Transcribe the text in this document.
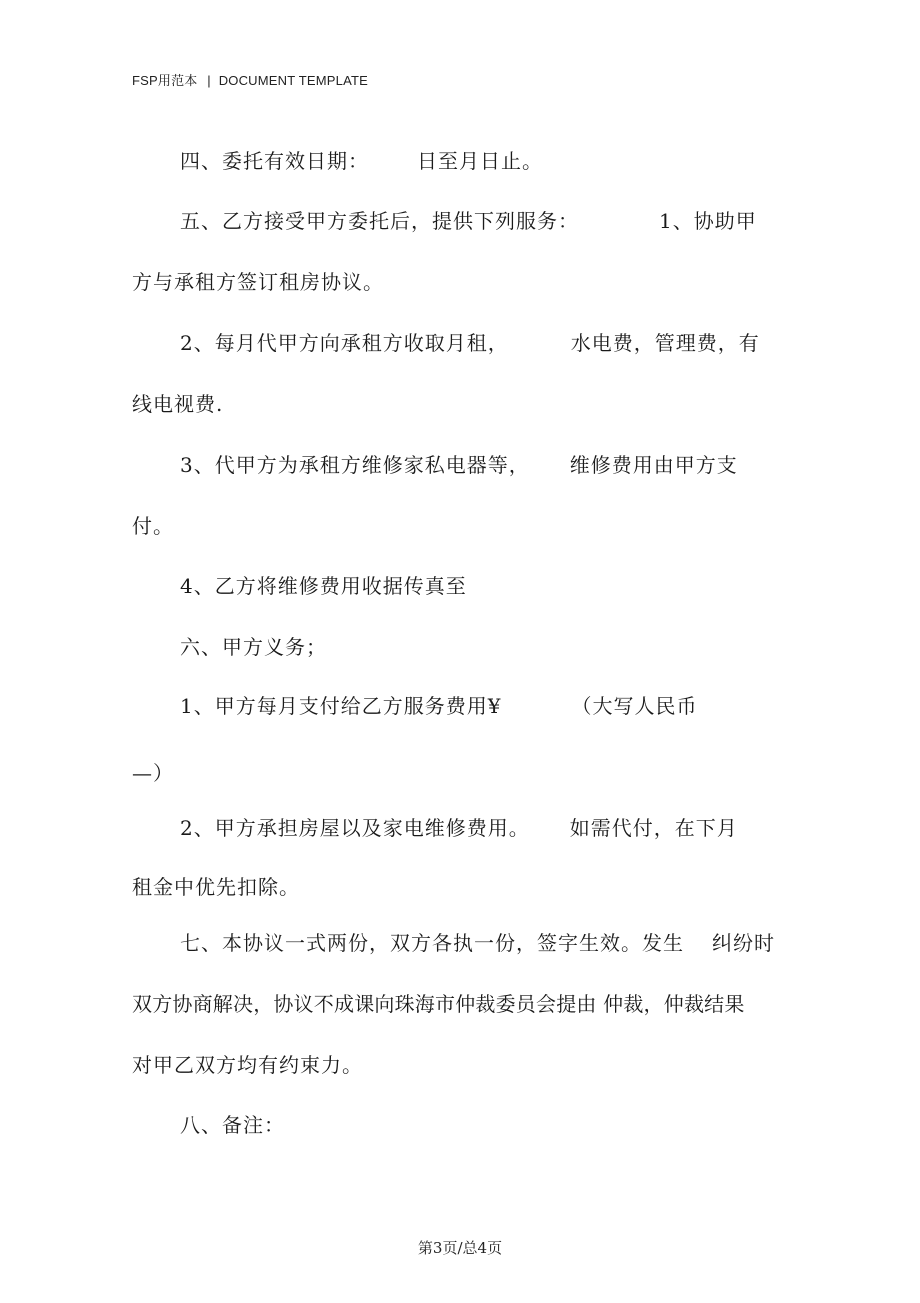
FSP用范本 | DOCUMENT TEMPLATE
四、委托有效日期： 日至月日止。
五、乙方接受甲方委托后，提供下列服务：	1、协助甲
方与承租方签订租房协议。
2、每月代甲方向承租方收取月租，	水电费，管理费，有
线电视费.
3、代甲方为承租方维修家私电器等， 维修费用由甲方支
付。
4、乙方将维修费用收据传真至
六、甲方义务；
1、甲方每月支付给乙方服务费用¥	（大写人民币
—）
2、甲方承担房屋以及家电维修费用。 如需代付，在下月
租金中优先扣除。
七、本协议一式两份，双方各执一份，签字生效。发生 纠纷时
双方协商解决，协议不成课向珠海市仲裁委员会提由 仲裁，仲裁结果
对甲乙双方均有约束力。
八、备注：
第3页/总4页
